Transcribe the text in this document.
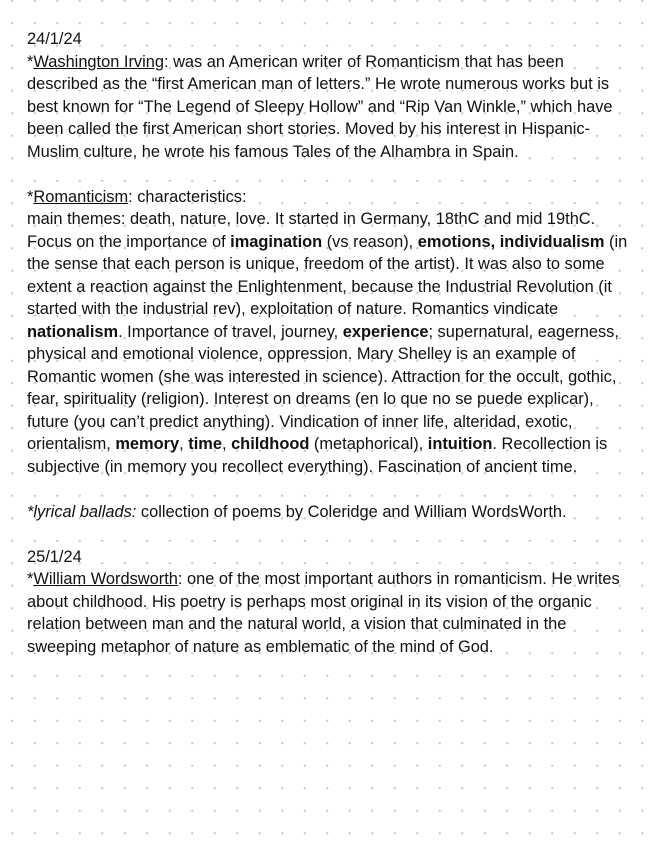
24/1/24

*Washington Irving: was an American writer of Romanticism that has been described as the “first American man of letters.” He wrote numerous works but is best known for “The Legend of Sleepy Hollow” and “Rip Van Winkle,” which have been called the first American short stories. Moved by his interest in Hispanic-Muslim culture, he wrote his famous Tales of the Alhambra in Spain.

*Romanticism: characteristics:

main themes: death, nature, love. It started in Germany, 18thC and mid 19thC. Focus on the importance of imagination (vs reason), emotions, individualism (in the sense that each person is unique, freedom of the artist). It was also to some extent a reaction against the Enlightenment, because the Industrial Revolution (it started with the industrial rev), exploitation of nature. Romantics vindicate nationalism. Importance of travel, journey, experience; supernatural, eagerness, physical and emotional violence, oppression. Mary Shelley is an example of Romantic women (she was interested in science). Attraction for the occult, gothic, fear, spirituality (religion). Interest on dreams (en lo que no se puede explicar), future (you can’t predict anything). Vindication of inner life, alteridad, exotic, orientalism, memory, time, childhood (metaphorical), intuition. Recollection is subjective (in memory you recollect everything). Fascination of ancient time.

*lyrical ballads: collection of poems by Coleridge and William WordsWorth.

25/1/24

*William Wordsworth: one of the most important authors in romanticism. He writes about childhood. His poetry is perhaps most original in its vision of the organic relation between man and the natural world, a vision that culminated in the sweeping metaphor of nature as emblematic of the mind of God.
